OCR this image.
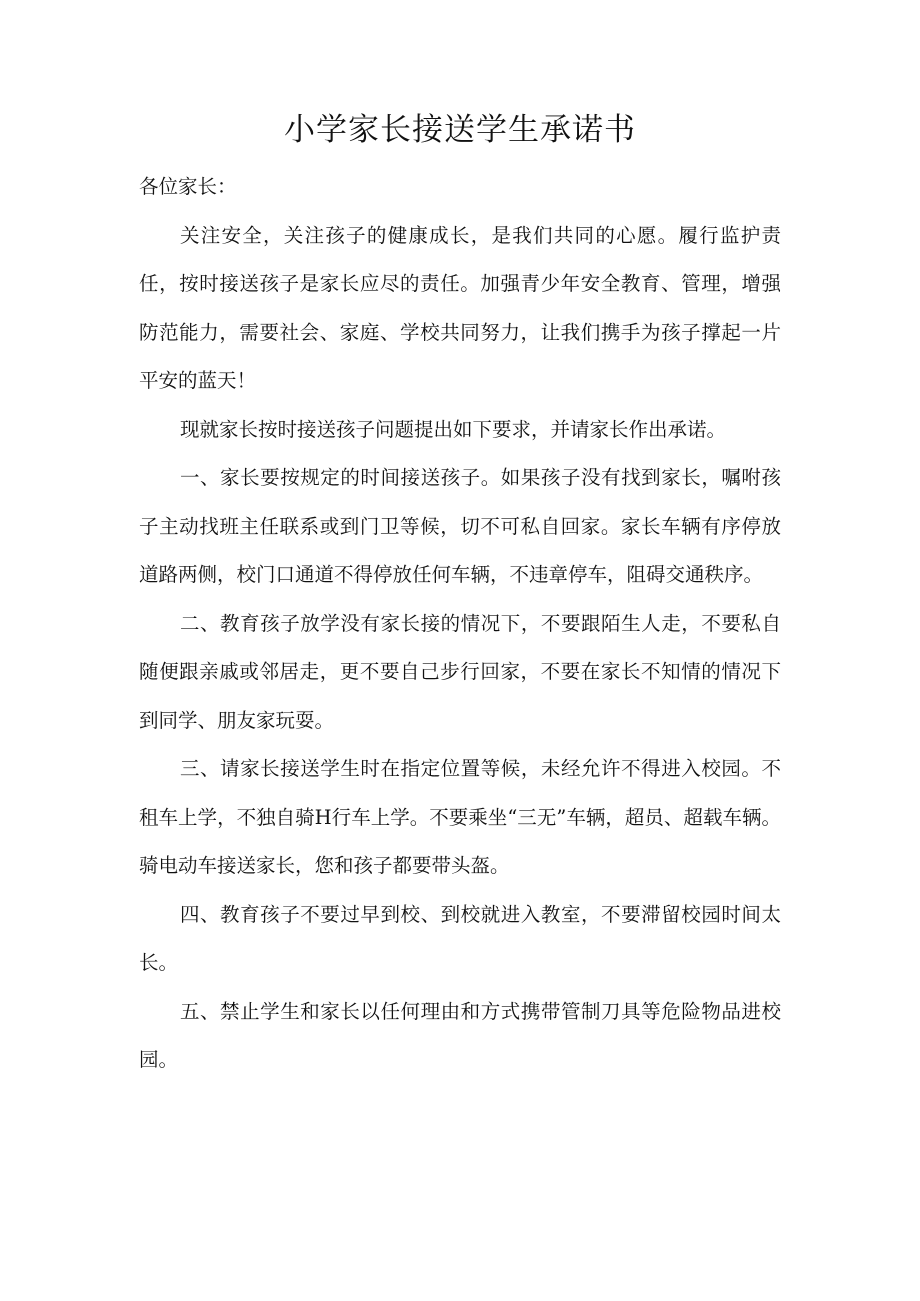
小学家长接送学生承诺书

各位家长：

关注安全，关注孩子的健康成长，是我们共同的心愿。履行监护责任，按时接送孩子是家长应尽的责任。加强青少年安全教育、管理，增强防范能力，需要社会、家庭、学校共同努力，让我们携手为孩子撑起一片平安的蓝天！

现就家长按时接送孩子问题提出如下要求，并请家长作出承诺。

一、家长要按规定的时间接送孩子。如果孩子没有找到家长，嘱咐孩子主动找班主任联系或到门卫等候，切不可私自回家。家长车辆有序停放道路两侧，校门口通道不得停放任何车辆，不违章停车，阻碍交通秩序。

二、教育孩子放学没有家长接的情况下，不要跟陌生人走，不要私自随便跟亲戚或邻居走，更不要自己步行回家，不要在家长不知情的情况下到同学、朋友家玩耍。

三、请家长接送学生时在指定位置等候，未经允许不得进入校园。不租车上学，不独自骑H行车上学。不要乘坐“三无”车辆，超员、超载车辆。骑电动车接送家长，您和孩子都要带头盔。

四、教育孩子不要过早到校、到校就进入教室，不要滞留校园时间太长。

五、禁止学生和家长以任何理由和方式携带管制刀具等危险物品进校园。
